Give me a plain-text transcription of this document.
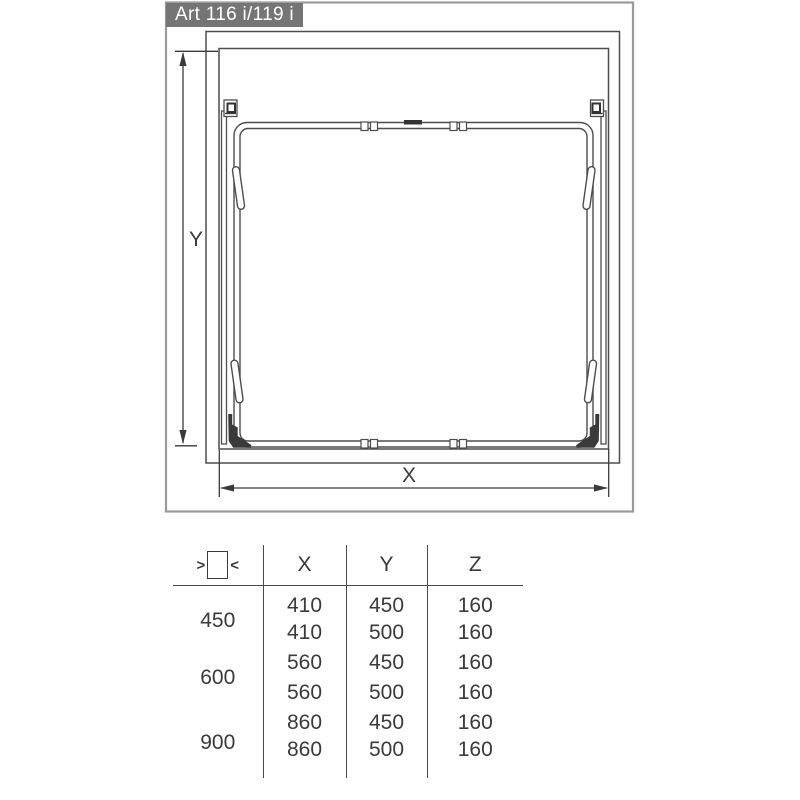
Y
X
Art 116 i/119 i
> <	X	Y	Z
450	410	450	160
	410	500	160
600	560	450	160
	560	500	160
900	860	450	160
	860	500	160
